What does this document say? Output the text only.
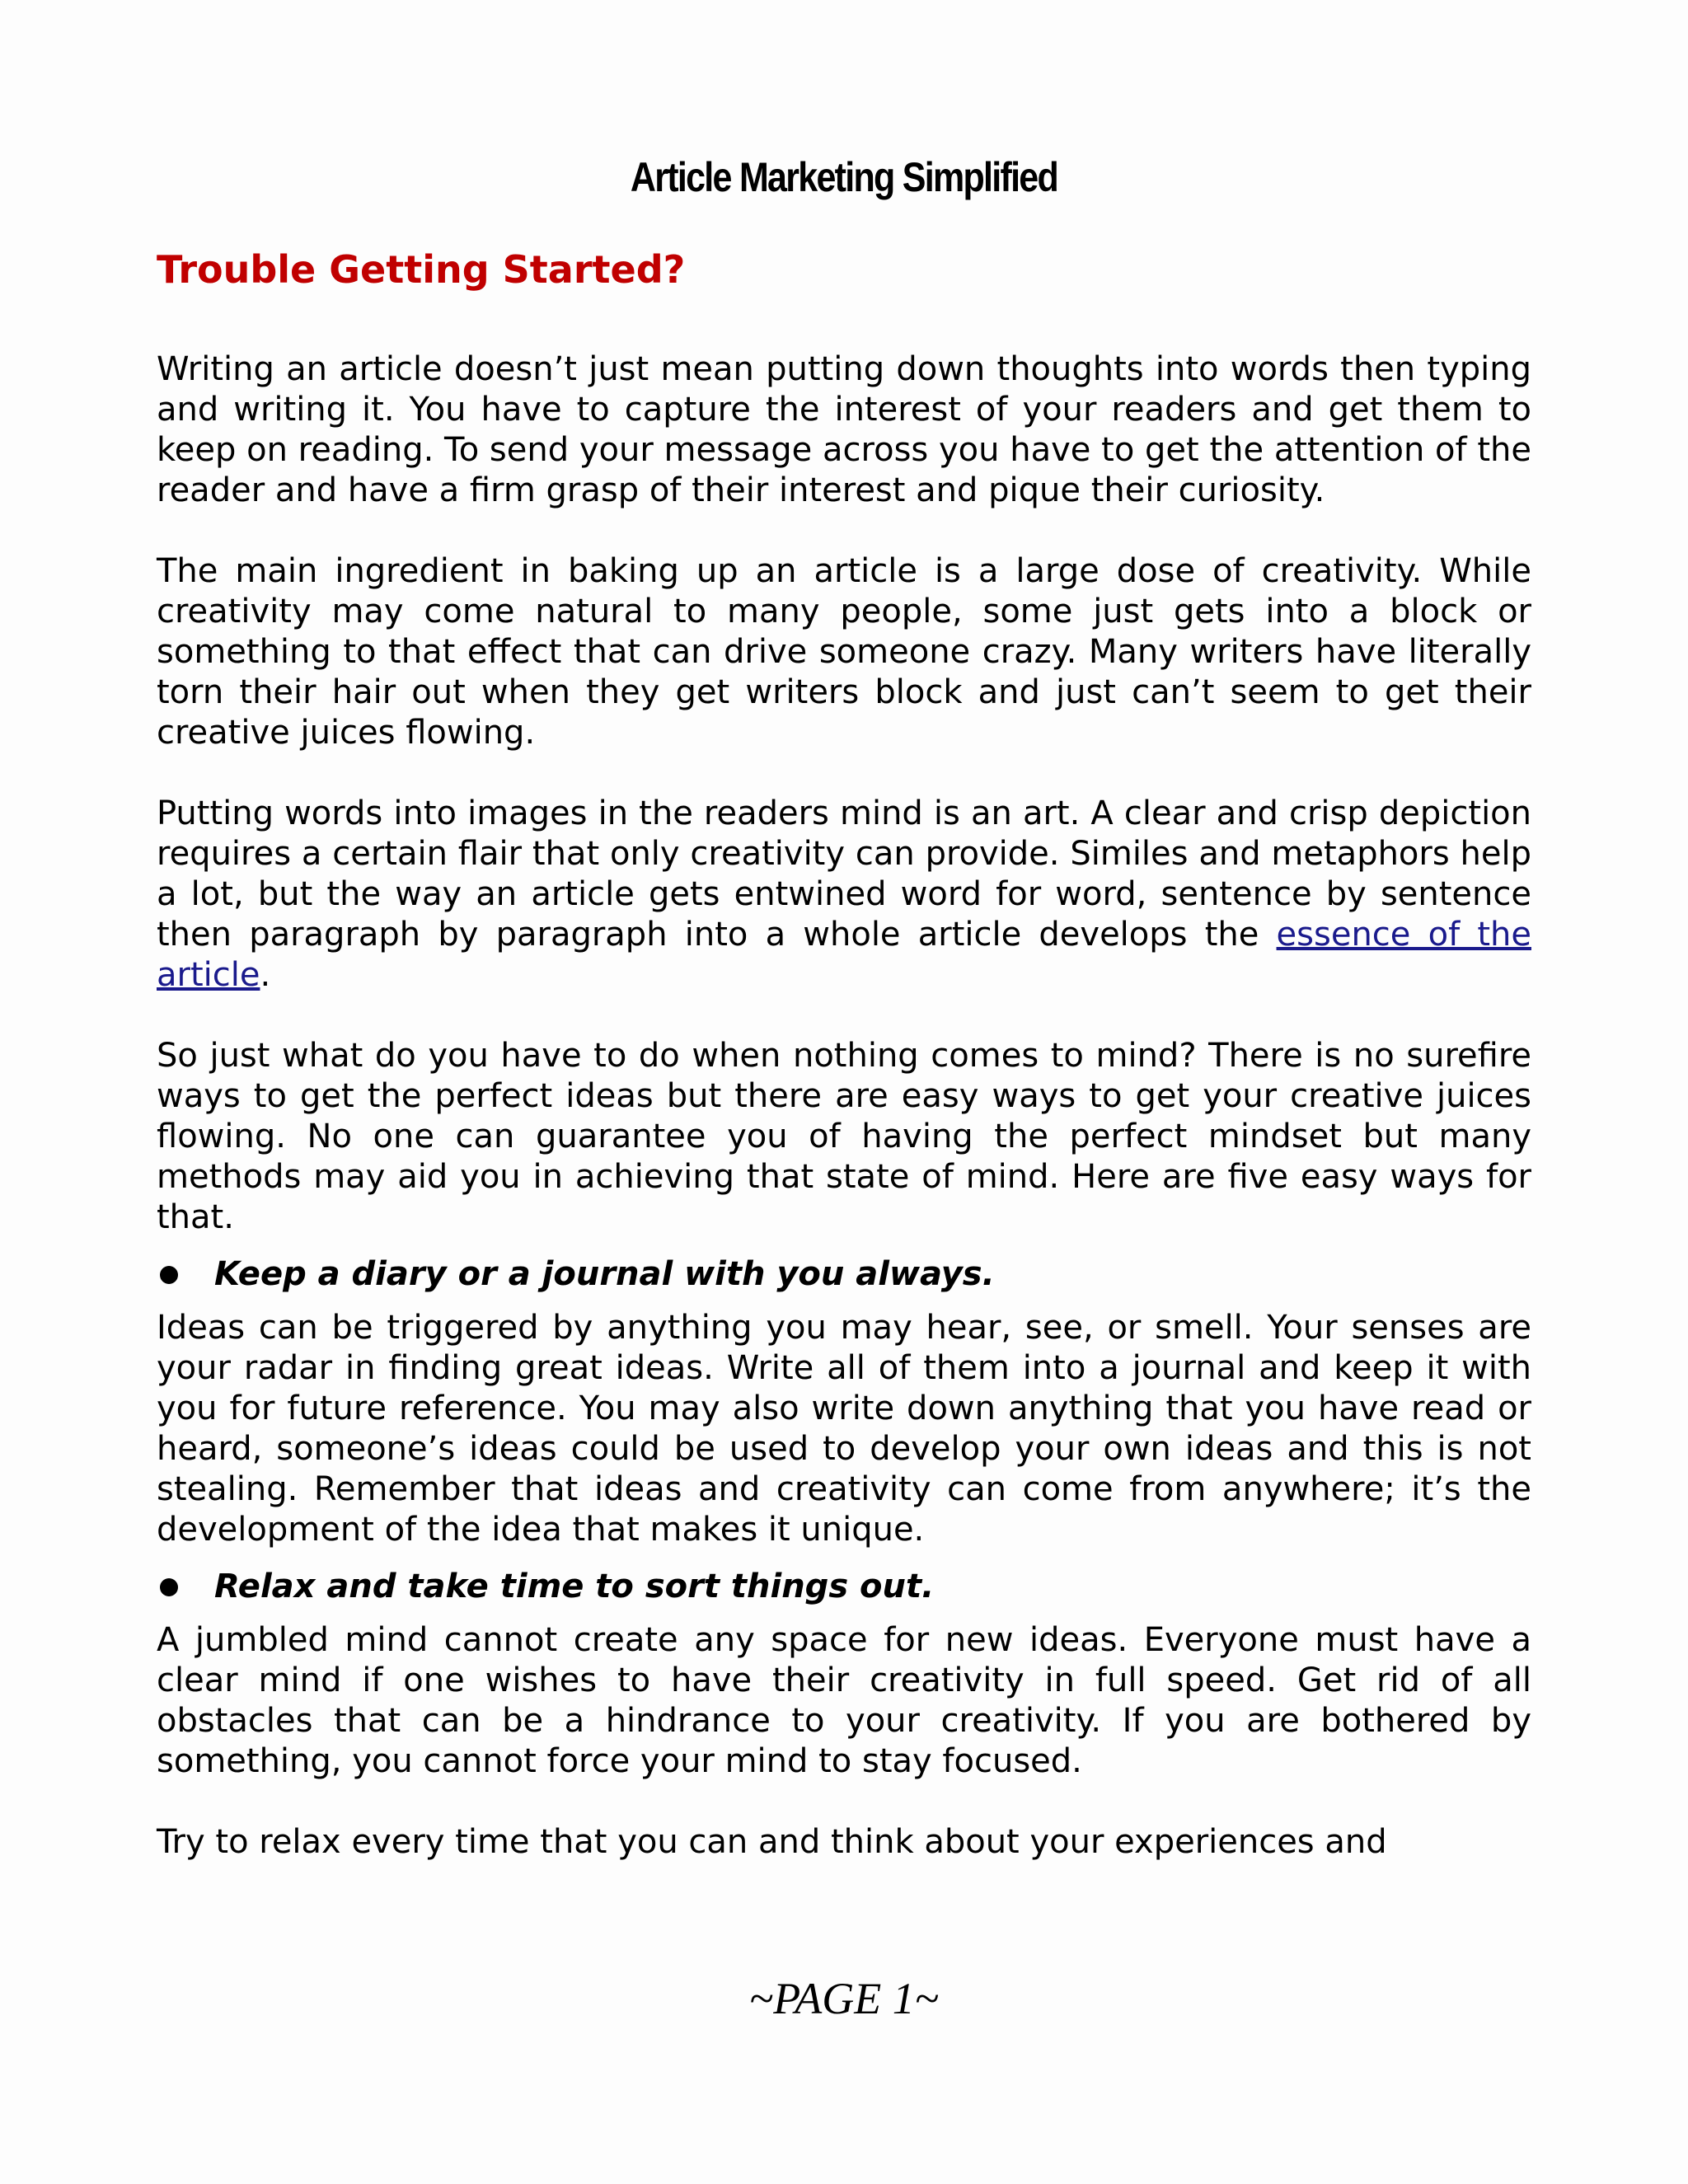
Article Marketing Simplified
Trouble Getting Started?

Writing an article doesn’t just mean putting down thoughts into words then typing and writing it. You have to capture the interest of your readers and get them to keep on reading. To send your message across you have to get the attention of the reader and have a firm grasp of their interest and pique their curiosity.

The main ingredient in baking up an article is a large dose of creativity. While creativity may come natural to many people, some just gets into a block or something to that effect that can drive someone crazy. Many writers have literally torn their hair out when they get writers block and just can’t seem to get their creative juices flowing.

Putting words into images in the readers mind is an art. A clear and crisp depiction requires a certain flair that only creativity can provide. Similes and metaphors help a lot, but the way an article gets entwined word for word, sentence by sentence then paragraph by paragraph into a whole article develops the essence of the article.

So just what do you have to do when nothing comes to mind? There is no surefire ways to get the perfect ideas but there are easy ways to get your creative juices flowing. No one can guarantee you of having the perfect mindset but many methods may aid you in achieving that state of mind. Here are five easy ways for that.

Keep a diary or a journal with you always.

Ideas can be triggered by anything you may hear, see, or smell. Your senses are your radar in finding great ideas. Write all of them into a journal and keep it with you for future reference. You may also write down anything that you have read or heard, someone’s ideas could be used to develop your own ideas and this is not stealing. Remember that ideas and creativity can come from anywhere; it’s the development of the idea that makes it unique.

Relax and take time to sort things out.

A jumbled mind cannot create any space for new ideas. Everyone must have a clear mind if one wishes to have their creativity in full speed. Get rid of all obstacles that can be a hindrance to your creativity. If you are bothered by something, you cannot force your mind to stay focused.

Try to relax every time that you can and think about your experiences and

~PAGE 1~
